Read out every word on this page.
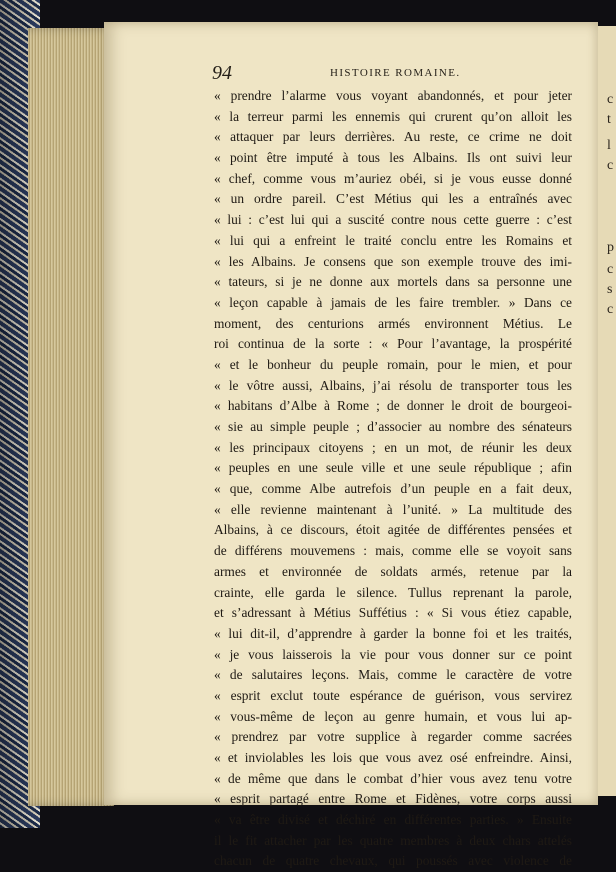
c
t
l
c
p
c
s
c
94	HISTOIRE ROMAINE.
« prendre l’alarme vous voyant abandonnés, et pour jeter
« la terreur parmi les ennemis qui crurent qu’on alloit les
« attaquer par leurs derrières. Au reste, ce crime ne doit
« point être imputé à tous les Albains. Ils ont suivi leur
« chef, comme vous m’auriez obéi, si je vous eusse donné
« un ordre pareil. C’est Métius qui les a entraînés avec
« lui : c’est lui qui a suscité contre nous cette guerre : c’est
« lui qui a enfreint le traité conclu entre les Romains et
« les Albains. Je consens que son exemple trouve des imi-
« tateurs, si je ne donne aux mortels dans sa personne une
« leçon capable à jamais de les faire trembler. » Dans ce
moment, des centurions armés environnent Métius. Le
roi continua de la sorte : « Pour l’avantage, la prospérité
« et le bonheur du peuple romain, pour le mien, et pour
« le vôtre aussi, Albains, j’ai résolu de transporter tous les
« habitans d’Albe à Rome ; de donner le droit de bourgeoi-
« sie au simple peuple ; d’associer au nombre des sénateurs
« les principaux citoyens ; en un mot, de réunir les deux
« peuples en une seule ville et une seule république ; afin
« que, comme Albe autrefois d’un peuple en a fait deux,
« elle revienne maintenant à l’unité. » La multitude des
Albains, à ce discours, étoit agitée de différentes pensées et
de différens mouvemens : mais, comme elle se voyoit sans
armes et environnée de soldats armés, retenue par la
crainte, elle garda le silence. Tullus reprenant la parole,
et s’adressant à Métius Suffétius : « Si vous étiez capable,
« lui dit-il, d’apprendre à garder la bonne foi et les traités,
« je vous laisserois la vie pour vous donner sur ce point
« de salutaires leçons. Mais, comme le caractère de votre
« esprit exclut toute espérance de guérison, vous servirez
« vous-même de leçon au genre humain, et vous lui ap-
« prendrez par votre supplice à regarder comme sacrées
« et inviolables les lois que vous avez osé enfreindre. Ainsi,
« de même que dans le combat d’hier vous avez tenu votre
« esprit partagé entre Rome et Fidènes, votre corps aussi
« va être divisé et déchiré en différentes parties. » Ensuite
il le fit attacher par les quatre membres à deux chars attelés
chacun de quatre chevaux, qui poussés avec violence de
